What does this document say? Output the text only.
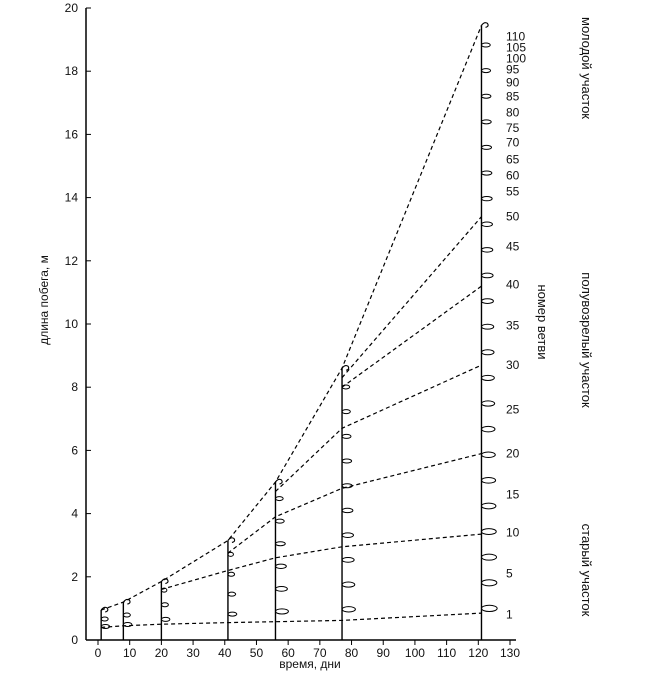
0 10 20 30 40 50 60 70 80 90 100 110 120 130
0
2
4
6
8
10
12
14
16
18
20
110
105
100
95
90
85
80
75
70
65
60
55
50
45
40
35
30
25
20
15
10
5
1
время, дни
длина побега, м	номер ветви
молодой участок
полувозрелый участок
старый участок
